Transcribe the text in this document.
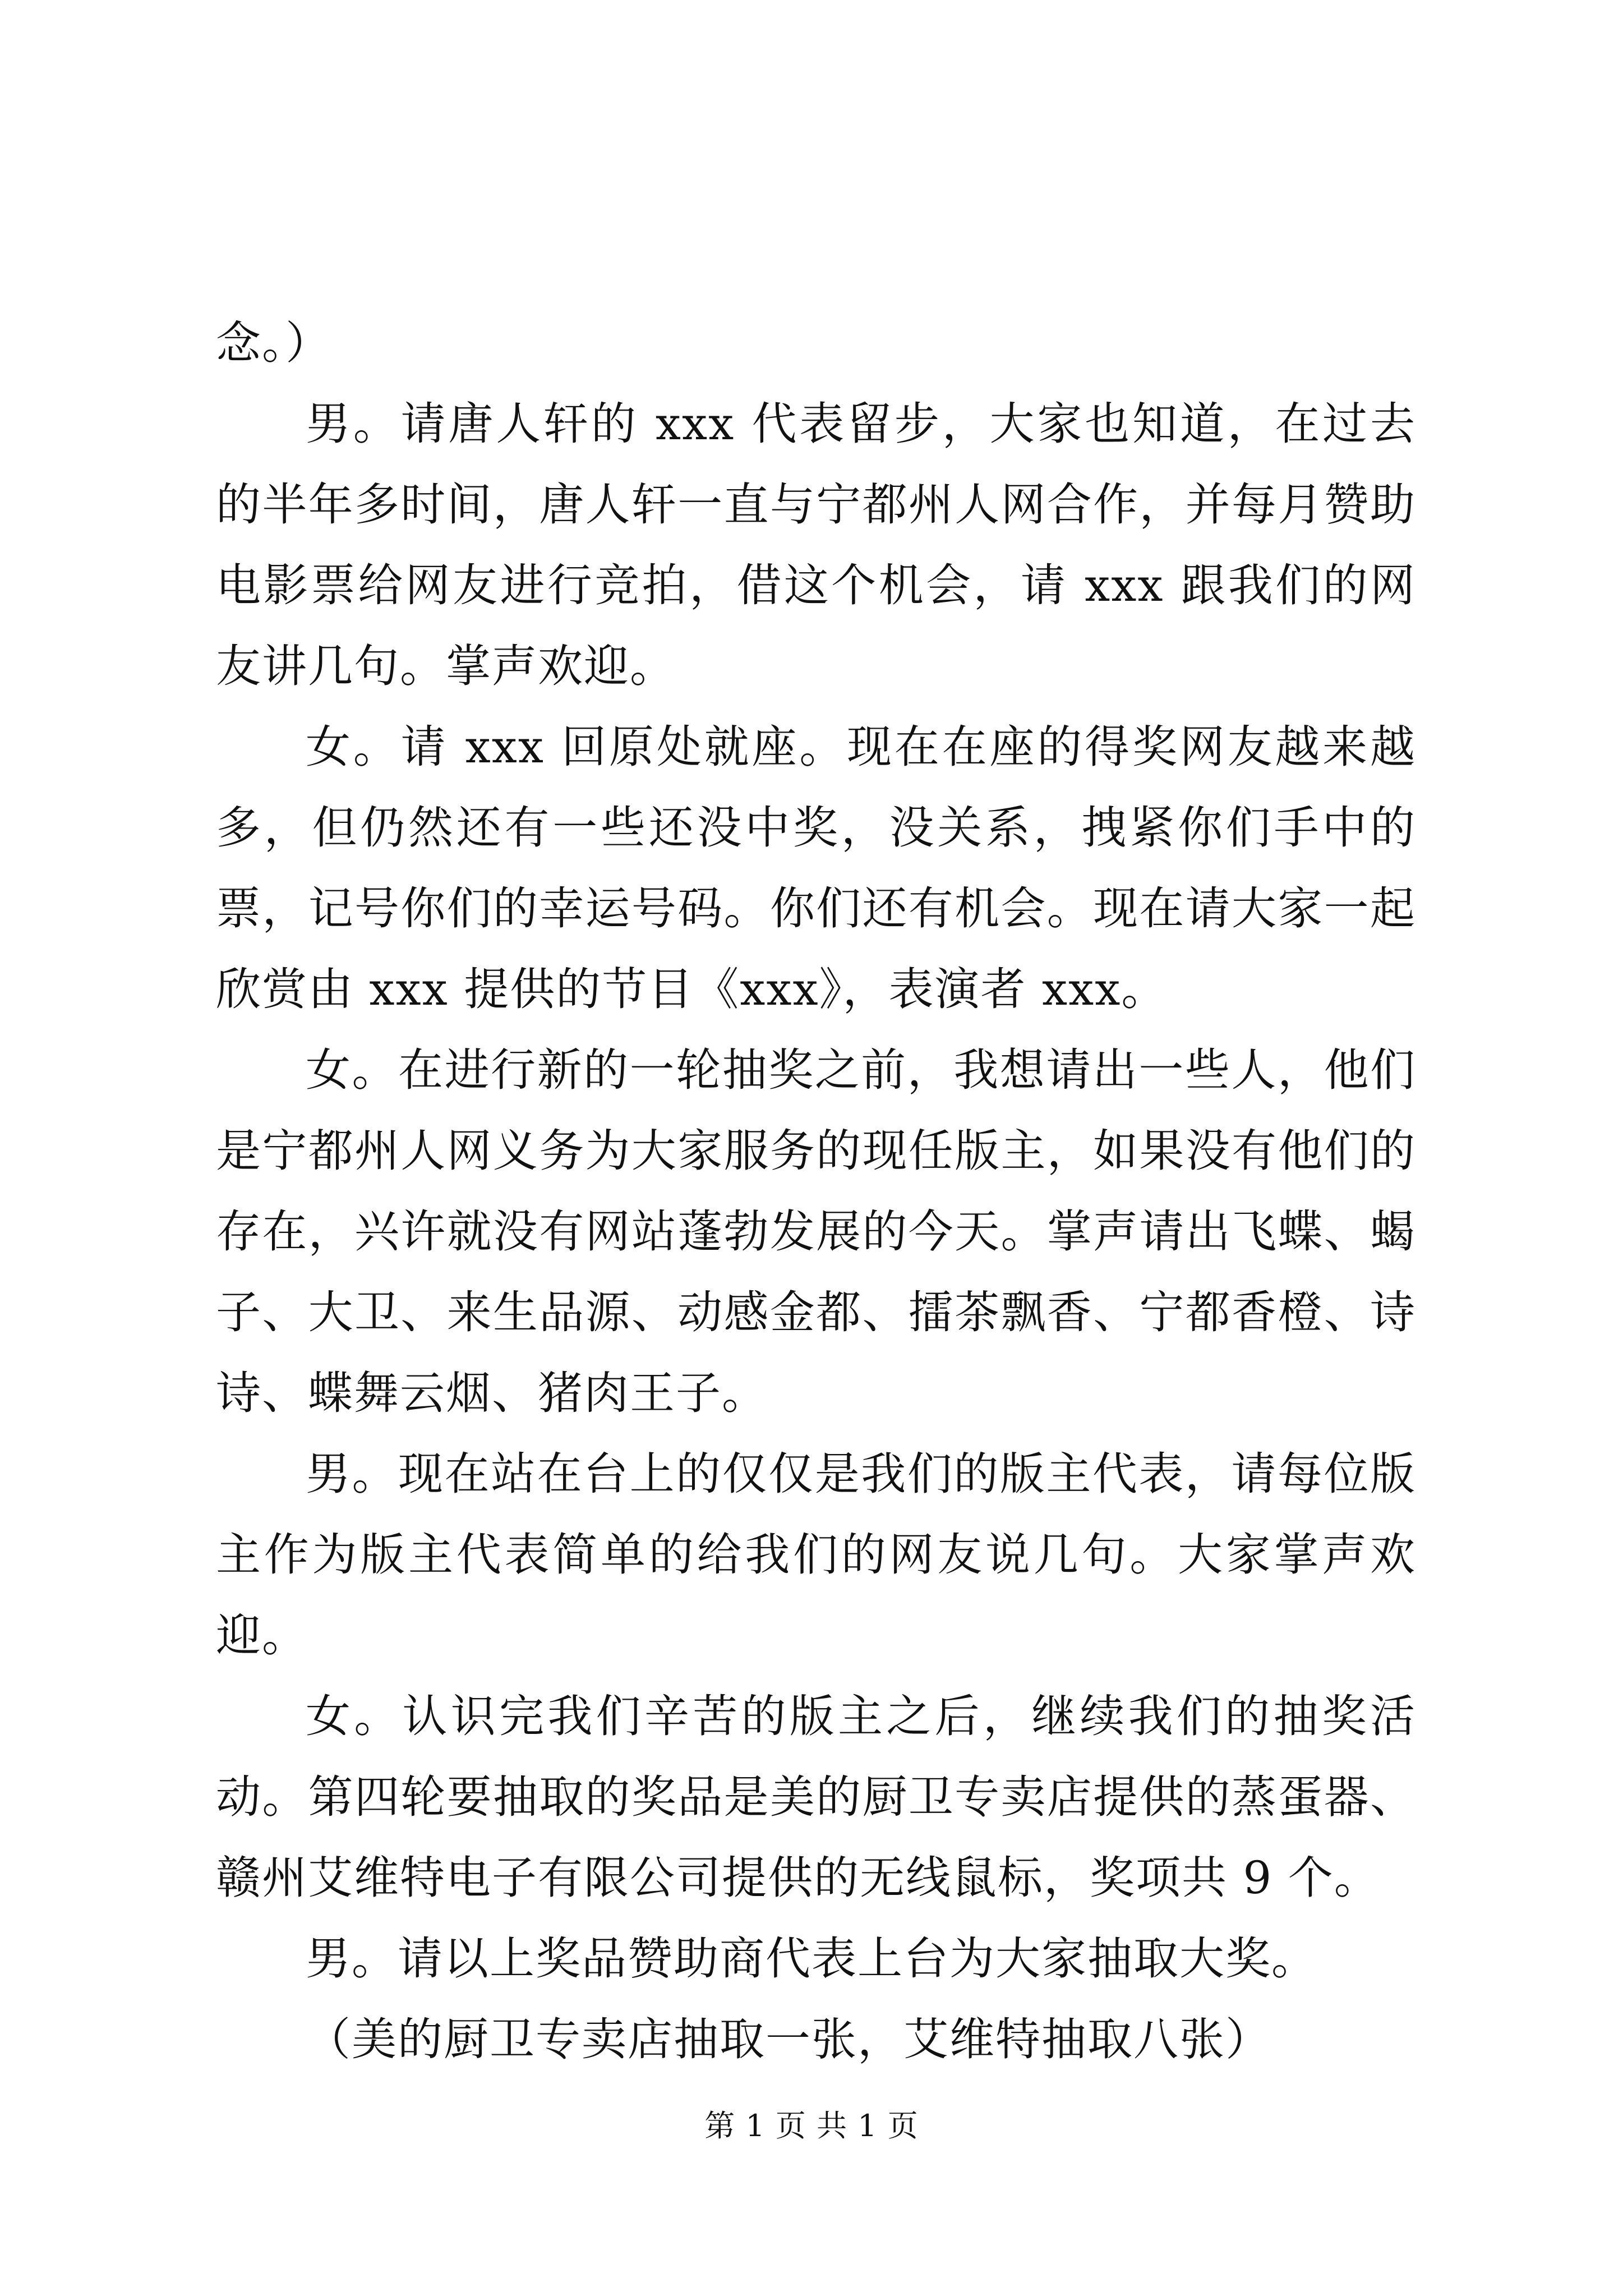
念。）

男。请唐人轩的 xxx 代表留步，大家也知道，在过去的半年多时间，唐人轩一直与宁都州人网合作，并每月赞助电影票给网友进行竞拍，借这个机会，请 xxx 跟我们的网友讲几句。掌声欢迎。

女。请 xxx 回原处就座。现在在座的得奖网友越来越多，但仍然还有一些还没中奖，没关系，拽紧你们手中的票，记号你们的幸运号码。你们还有机会。现在请大家一起欣赏由 xxx 提供的节目《xxx》，表演者 xxx。

女。在进行新的一轮抽奖之前，我想请出一些人，他们是宁都州人网义务为大家服务的现任版主，如果没有他们的存在，兴许就没有网站蓬勃发展的今天。掌声请出飞蝶、蝎子、大卫、来生品源、动感金都、擂茶飘香、宁都香橙、诗诗、蝶舞云烟、猪肉王子。

男。现在站在台上的仅仅是我们的版主代表，请每位版主作为版主代表简单的给我们的网友说几句。大家掌声欢迎。

女。认识完我们辛苦的版主之后，继续我们的抽奖活动。第四轮要抽取的奖品是美的厨卫专卖店提供的蒸蛋器、赣州艾维特电子有限公司提供的无线鼠标，奖项共 9 个。

男。请以上奖品赞助商代表上台为大家抽取大奖。

（美的厨卫专卖店抽取一张，艾维特抽取八张）

第 1 页 共 1 页
